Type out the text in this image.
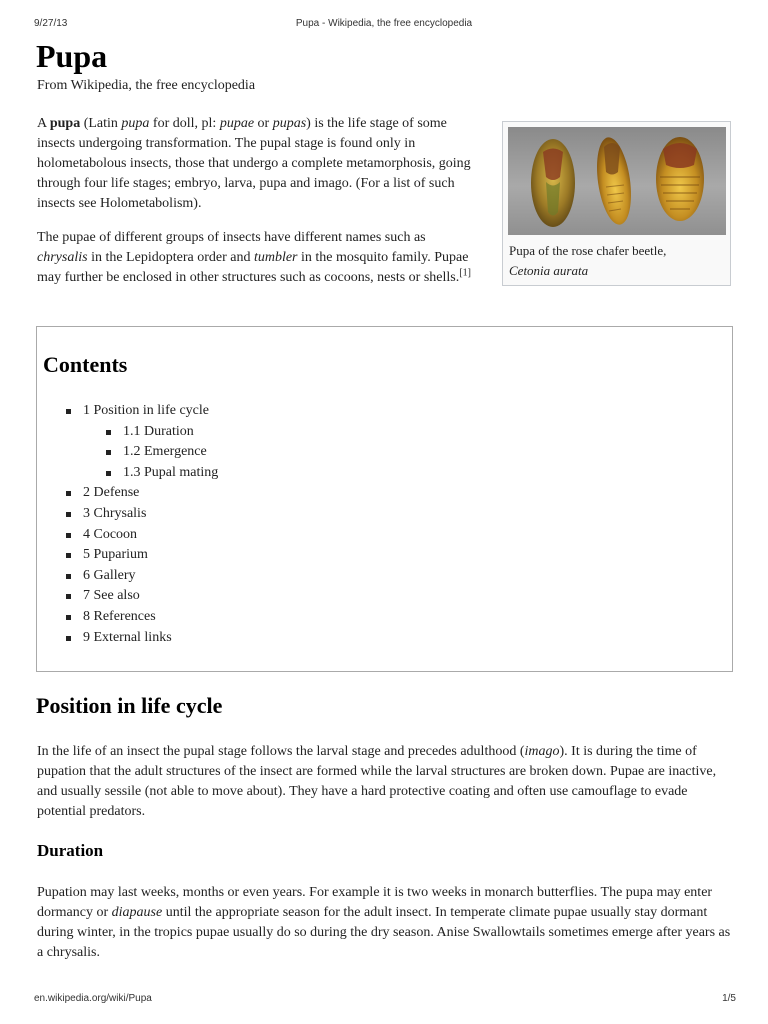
9/27/13	Pupa - Wikipedia, the free encyclopedia
Pupa
From Wikipedia, the free encyclopedia

A pupa (Latin pupa for doll, pl: pupae or pupas) is the life stage of some insects undergoing transformation. The pupal stage is found only in holometabolous insects, those that undergo a complete metamorphosis, going through four life stages; embryo, larva, pupa and imago. (For a list of such insects see Holometabolism).

The pupae of different groups of insects have different names such as chrysalis in the Lepidoptera order and tumbler in the mosquito family. Pupae may further be enclosed in other structures such as cocoons, nests or shells.[1]

Pupa of the rose chafer beetle,
Cetonia aurata
Contents
1 Position in life cycle
1.1 Duration
1.2 Emergence
1.3 Pupal mating
2 Defense
3 Chrysalis
4 Cocoon
5 Puparium
6 Gallery
7 See also
8 References
9 External links
Position in life cycle

In the life of an insect the pupal stage follows the larval stage and precedes adulthood (imago). It is during the time of pupation that the adult structures of the insect are formed while the larval structures are broken down. Pupae are inactive, and usually sessile (not able to move about). They have a hard protective coating and often use camouflage to evade potential predators.

Duration

Pupation may last weeks, months or even years. For example it is two weeks in monarch butterflies. The pupa may enter dormancy or diapause until the appropriate season for the adult insect. In temperate climate pupae usually stay dormant during winter, in the tropics pupae usually do so during the dry season. Anise Swallowtails sometimes emerge after years as a chrysalis.

en.wikipedia.org/wiki/Pupa	1/5
